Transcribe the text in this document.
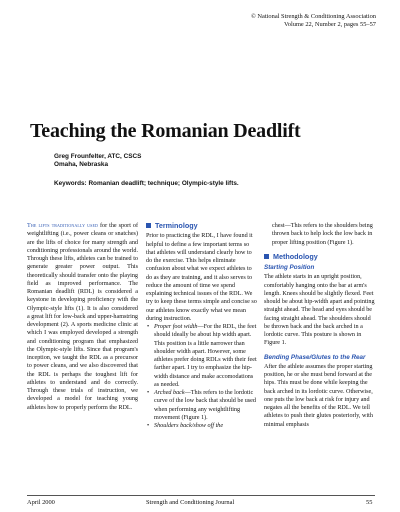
© National Strength & Conditioning Association
Volume 22, Number 2, pages 55–57
Teaching the Romanian Deadlift
Greg Frounfelter, ATC, CSCS
Omaha, Nebraska
Keywords: Romanian deadlift; technique; Olympic-style lifts.

The lifts traditionally used for the sport of weightlifting (i.e., power cleans or snatches) are the lifts of choice for many strength and conditioning professionals around the world. Through these lifts, athletes can be trained to generate greater power output. This theoretically should transfer onto the playing field as improved performance. The Romanian deadlift (RDL) is considered a keystone in developing proficiency with the Olympic-style lifts (1). It is also considered a great lift for low-back and upper-hamstring development (2). A sports medicine clinic at which I was employed developed a strength and conditioning program that emphasized the Olympic-style lifts. Since that program's inception, we taught the RDL as a precursor to power cleans, and we also discovered that the RDL is perhaps the toughest lift for athletes to understand and do correctly. Through these trials of instruction, we developed a model for teaching young athletes how to properly perform the RDL.

Terminology

Prior to practicing the RDL, I have found it helpful to define a few important terms so that athletes will understand clearly how to do the exercise. This helps eliminate confusion about what we expect athletes to do as they are training, and it also serves to reduce the amount of time we spend explaining technical issues of the RDL. We try to keep these terms simple and concise so our athletes know exactly what we mean during instruction.

• Proper foot width—For the RDL, the feet should ideally be about hip width apart. This position is a little narrower than shoulder width apart. However, some athletes prefer doing RDLs with their feet farther apart. I try to emphasize the hip-width distance and make accomodations as needed.
• Arched back—This refers to the lordotic curve of the low back that should be used when performing any weightlifting movement (Figure 1).
• Shoulders back/show off the

chest—This refers to the shoulders being thrown back to help lock the low back in proper lifting position (Figure 1).

Methodology
Starting Position

The athlete starts in an upright position, comfortably hanging onto the bar at arm's length. Knees should be slightly flexed. Feet should be about hip-width apart and pointing straight ahead. The head and eyes should be facing straight ahead. The shoulders should be thrown back and the back arched in a lordotic curve. This posture is shown in Figure 1.

Bending Phase/Glutes to the Rear

After the athlete assumes the proper starting position, he or she must bend forward at the hips. This must be done while keeping the back arched in its lordotic curve. Otherwise, one puts the low back at risk for injury and negates all the benefits of the RDL. We tell athletes to push their glutes posteriorly, with minimal emphasis

April 2000	Strength and Conditioning Journal	55
